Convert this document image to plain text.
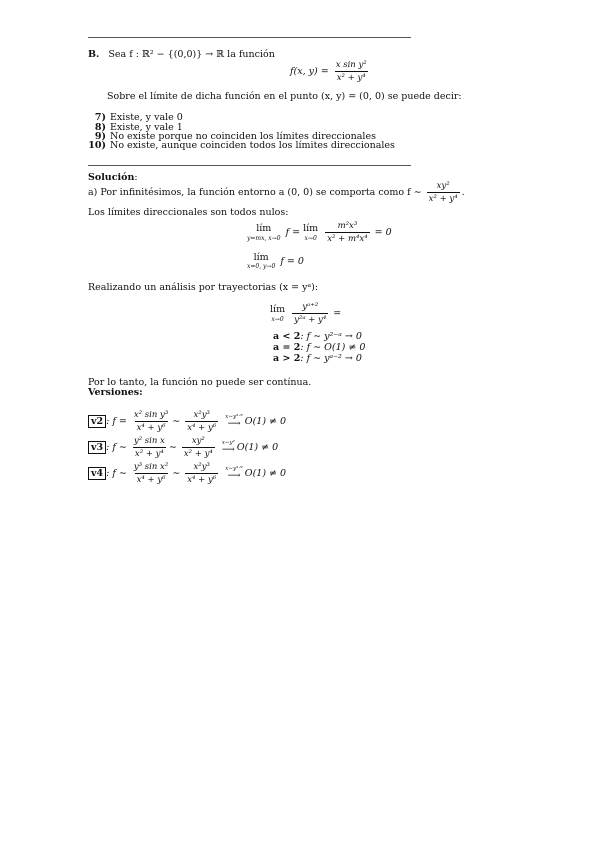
B. Sea f : ℝ² − {(0,0)} → ℝ la función
f(x, $y) = \frac{\text{x sin y²}}{\text{x² + y⁴}}$
Sobre el límite de dicha función en el punto (x, y) = (0, 0) se puede decir:
7) Existe, y vale 0
8) Existe, y vale 1
9) No existe porque no coinciden los límites direccionales
10) No existe, aunque coinciden todos los límites direccionales
Solución:
a) Por infinitésimos, la función entorno a (0, 0) se comporta como f ∼ $\frac{\text{xy²}}{\text{x² + y⁴}}$ .
Los límites direccionales son todos nulos:
lím
y=mx, x→0
f = lím
x→0
$\frac{\text{m²x³}}{\text{x² + m⁴x⁴}} = 0$
lím
x=0, y→0
f = 0
Realizando un análisis por trayectorias (x = yᵃ):
lím
x→0
$\frac{\text{yᵃ⁺²}}{\text{y²ᵃ + y⁴}}$ =
a < 2: f ∼ y²⁻ᵃ → 0
a = 2: f ∼ O(1) ≠ 0
a > 2: f ∼ yᵃ⁻² → 0
Por lo tanto, la función no puede ser contínua.
Versiones:
v2 : $f = \frac{\text{x² sin y³}}{\text{x⁴ + y⁶}}$ ∼ $\frac{\text{x²y³}}{\text{x⁴ + y⁶}}$
x∼y³ᐟ²
⟶ O(1) ≠ 0
v3 : f ∼ $\frac{\text{y² sin x}}{\text{x² + y⁴}}$ ∼ $\frac{\text{xy²}}{\text{x² + y⁴}}$
x∼y²
⟶ O(1) ≠ 0
v4 : f ∼ $\frac{\text{y³ sin x²}}{\text{x⁴ + y⁶}}$ ∼ $\frac{\text{x²y³}}{\text{x⁴ + y⁶}}$
x∼y³ᐟ²
⟶ O(1) ≠ 0
